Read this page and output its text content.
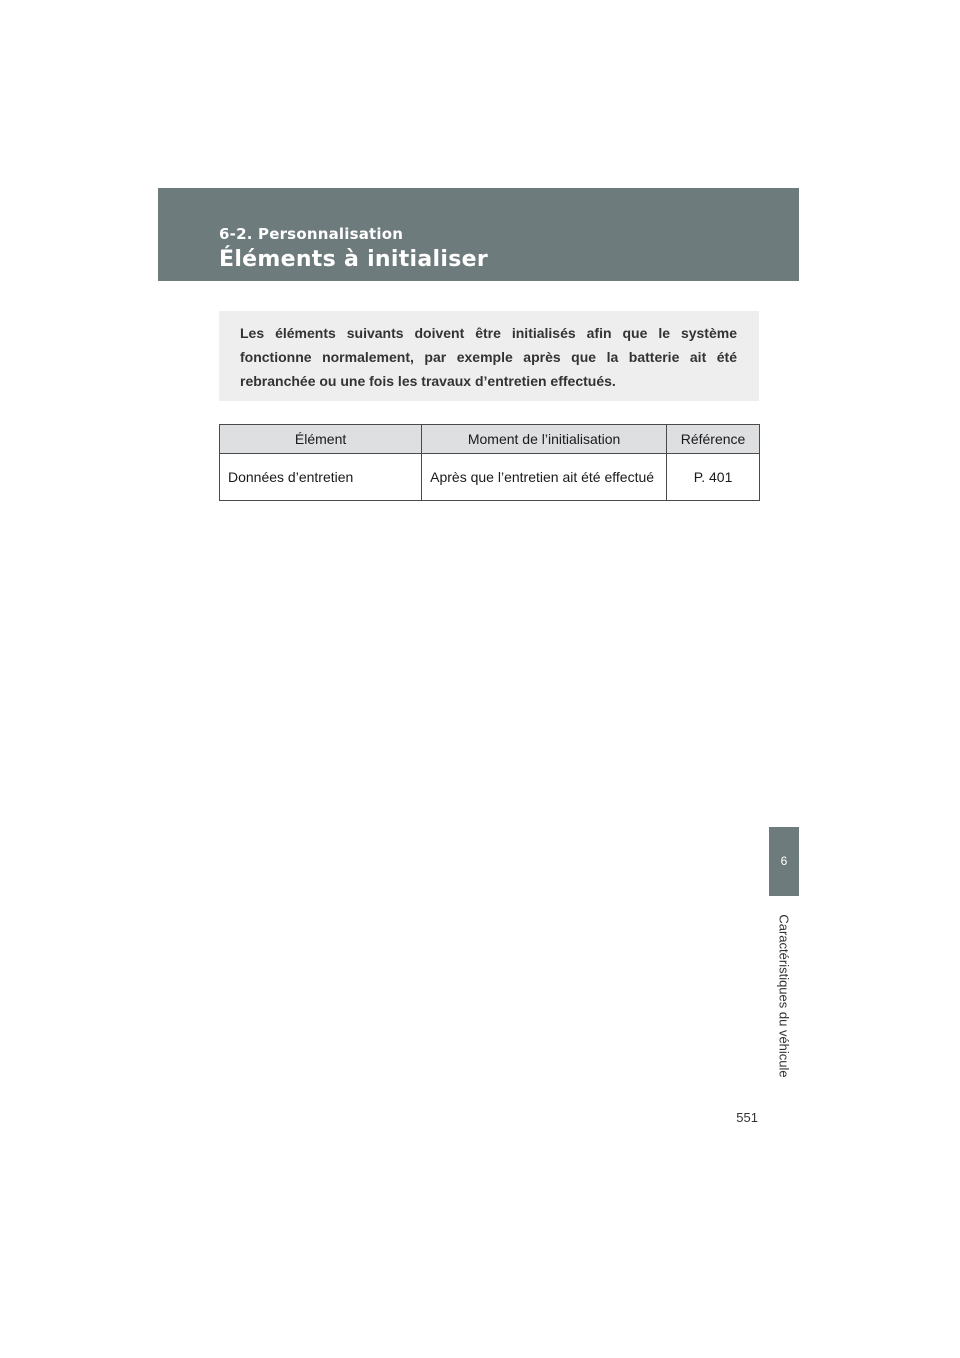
6-2. Personnalisation
Éléments à initialiser

Les éléments suivants doivent être initialisés afin que le système fonctionne normalement, par exemple après que la batterie ait été rebranchée ou une fois les travaux d’entretien effectués.

Élément	Moment de l’initialisation	Référence
Données d’entretien	Après que l’entretien ait été effectué	P. 401
6
Caractéristiques du véhicule
551
